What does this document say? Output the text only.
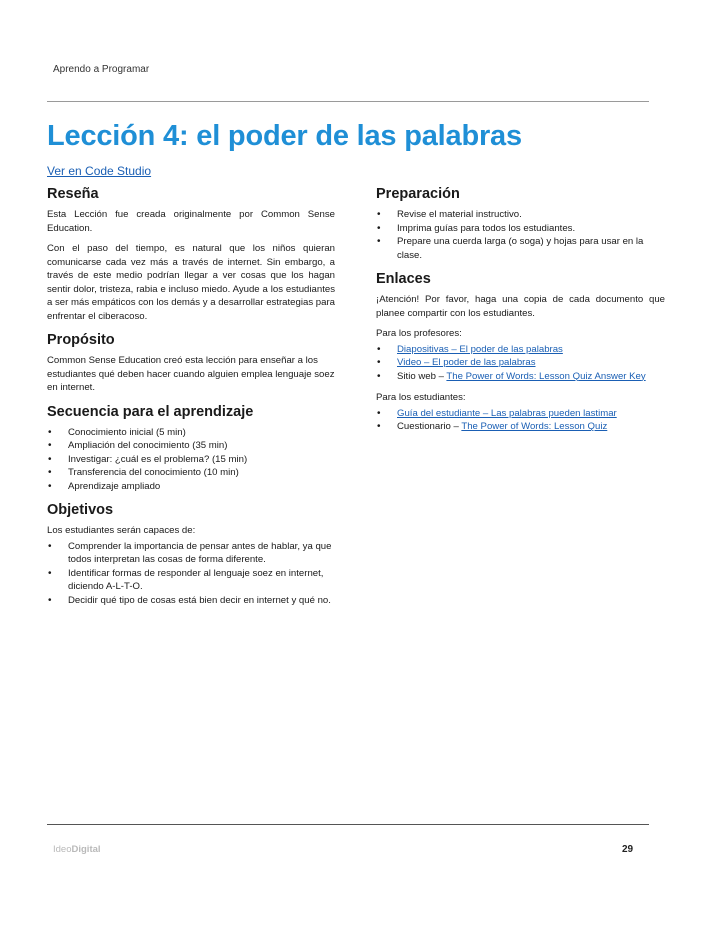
Aprendo a Programar
Lección 4: el poder de las palabras
Ver en Code Studio
Reseña

Esta Lección fue creada originalmente por Common Sense Education.

Con el paso del tiempo, es natural que los niños quieran comunicarse cada vez más a través de internet. Sin embargo, a través de este medio podrían llegar a ver cosas que los hagan sentir dolor, tristeza, rabia e incluso miedo. Ayude a los estudiantes a ser más empáticos con los demás y a desarrollar estrategias para enfrentar el ciberacoso.

Propósito

Common Sense Education creó esta lección para enseñar a los estudiantes qué deben hacer cuando alguien emplea lenguaje soez en internet.

Secuencia para el aprendizaje
• Conocimiento inicial (5 min)
• Ampliación del conocimiento (35 min)
• Investigar: ¿cuál es el problema? (15 min)
• Transferencia del conocimiento (10 min)
• Aprendizaje ampliado
Objetivos

Los estudiantes serán capaces de:

• Comprender la importancia de pensar antes de hablar, ya que todos interpretan las cosas de forma diferente.
• Identificar formas de responder al lenguaje soez en internet, diciendo A-L-T-O.
• Decidir qué tipo de cosas está bien decir en internet y qué no.
Preparación
• Revise el material instructivo.
• Imprima guías para todos los estudiantes.
• Prepare una cuerda larga (o soga) y hojas para usar en la clase.
Enlaces

¡Atención! Por favor, haga una copia de cada documento que planee compartir con los estudiantes.

Para los profesores:

• Diapositivas – El poder de las palabras
• Video – El poder de las palabras
• Sitio web – The Power of Words: Lesson Quiz Answer Key

Para los estudiantes:

• Guía del estudiante – Las palabras pueden lastimar
• Cuestionario – The Power of Words: Lesson Quiz
IdeoDigital	29
